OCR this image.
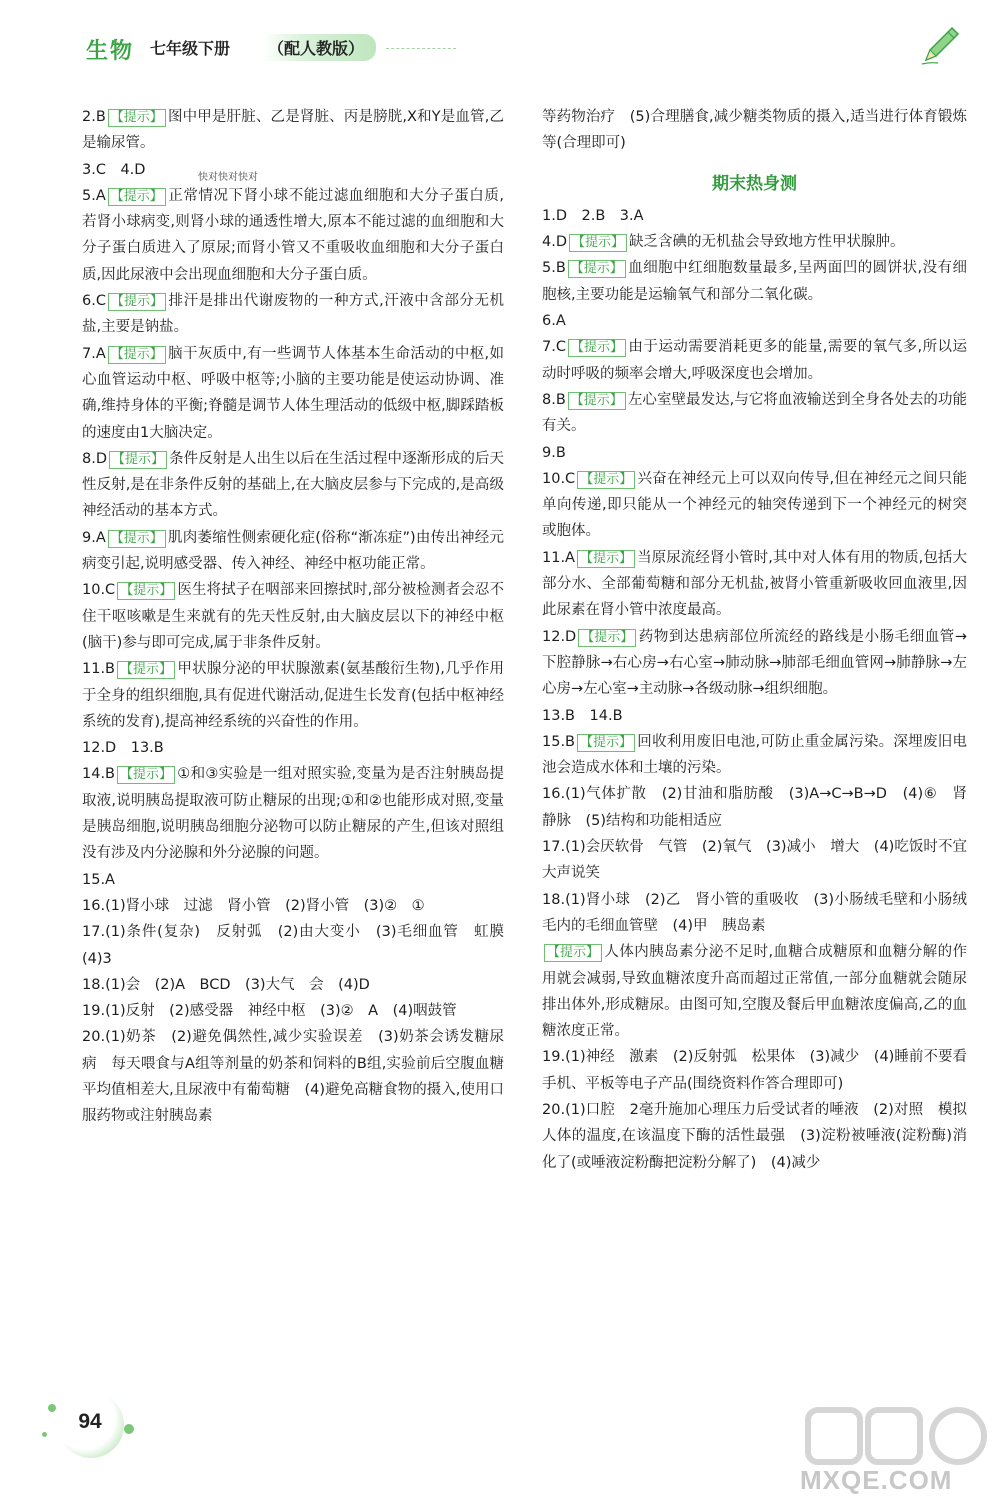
生物 七年级下册	（配人教版）
快对快对快对

2.B 【提示】 图中甲是肝脏、乙是肾脏、丙是膀胱,X和Y是血管,乙是输尿管。

3.C　4.D

5.A 【提示】 正常情况下肾小球不能过滤血细胞和大分子蛋白质,若肾小球病变,则肾小球的通透性增大,原本不能过滤的血细胞和大分子蛋白质进入了原尿;而肾小管又不重吸收血细胞和大分子蛋白质,因此尿液中会出现血细胞和大分子蛋白质。

6.C 【提示】 排汗是排出代谢废物的一种方式,汗液中含部分无机盐,主要是钠盐。

7.A 【提示】 脑干灰质中,有一些调节人体基本生命活动的中枢,如心血管运动中枢、呼吸中枢等;小脑的主要功能是使运动协调、准确,维持身体的平衡;脊髓是调节人体生理活动的低级中枢,脚踩踏板的速度由1大脑决定。

8.D 【提示】 条件反射是人出生以后在生活过程中逐渐形成的后天性反射,是在非条件反射的基础上,在大脑皮层参与下完成的,是高级神经活动的基本方式。

9.A 【提示】 肌肉萎缩性侧索硬化症(俗称“渐冻症”)由传出神经元病变引起,说明感受器、传入神经、神经中枢功能正常。

10.C 【提示】 医生将拭子在咽部来回擦拭时,部分被检测者会忍不住干呕咳嗽是生来就有的先天性反射,由大脑皮层以下的神经中枢(脑干)参与即可完成,属于非条件反射。

11.B 【提示】 甲状腺分泌的甲状腺激素(氨基酸衍生物),几乎作用于全身的组织细胞,具有促进代谢活动,促进生长发育(包括中枢神经系统的发育),提高神经系统的兴奋性的作用。

12.D　13.B

14.B 【提示】 ①和③实验是一组对照实验,变量为是否注射胰岛提取液,说明胰岛提取液可防止糖尿的出现;①和②也能形成对照,变量是胰岛细胞,说明胰岛细胞分泌物可以防止糖尿的产生,但该对照组没有涉及内分泌腺和外分泌腺的问题。

15.A

16.(1)肾小球　过滤　肾小管　(2)肾小管　(3)②　①

17.(1)条件(复杂)　反射弧　(2)由大变小　(3)毛细血管　虹膜　(4)3

18.(1)会　(2)A　BCD　(3)大气　会　(4)D

19.(1)反射　(2)感受器　神经中枢　(3)②　A　(4)咽鼓管

20.(1)奶茶　(2)避免偶然性,减少实验误差　(3)奶茶会诱发糖尿病　每天喂食与A组等剂量的奶茶和饲料的B组,实验前后空腹血糖平均值相差大,且尿液中有葡萄糖　(4)避免高糖食物的摄入,使用口服药物或注射胰岛素

等药物治疗　(5)合理膳食,减少糖类物质的摄入,适当进行体育锻炼等(合理即可)

期末热身测

1.D　2.B　3.A

4.D 【提示】 缺乏含碘的无机盐会导致地方性甲状腺肿。

5.B 【提示】 血细胞中红细胞数量最多,呈两面凹的圆饼状,没有细胞核,主要功能是运输氧气和部分二氧化碳。

6.A

7.C 【提示】 由于运动需要消耗更多的能量,需要的氧气多,所以运动时呼吸的频率会增大,呼吸深度也会增加。

8.B 【提示】 左心室壁最发达,与它将血液输送到全身各处去的功能有关。

9.B

10.C 【提示】 兴奋在神经元上可以双向传导,但在神经元之间只能单向传递,即只能从一个神经元的轴突传递到下一个神经元的树突或胞体。

11.A 【提示】 当原尿流经肾小管时,其中对人体有用的物质,包括大部分水、全部葡萄糖和部分无机盐,被肾小管重新吸收回血液里,因此尿素在肾小管中浓度最高。

12.D 【提示】 药物到达患病部位所流经的路线是小肠毛细血管→下腔静脉→右心房→右心室→肺动脉→肺部毛细血管网→肺静脉→左心房→左心室→主动脉→各级动脉→组织细胞。

13.B　14.B

15.B 【提示】 回收利用废旧电池,可防止重金属污染。深埋废旧电池会造成水体和土壤的污染。

16.(1)气体扩散　(2)甘油和脂肪酸　(3)A→C→B→D　(4)⑥　肾静脉　(5)结构和功能相适应

17.(1)会厌软骨　气管　(2)氧气　(3)减小　增大　(4)吃饭时不宜大声说笑

18.(1)肾小球　(2)乙　肾小管的重吸收　(3)小肠绒毛壁和小肠绒毛内的毛细血管壁　(4)甲　胰岛素

【提示】 人体内胰岛素分泌不足时,血糖合成糖原和血糖分解的作用就会减弱,导致血糖浓度升高而超过正常值,一部分血糖就会随尿排出体外,形成糖尿。由图可知,空腹及餐后甲血糖浓度偏高,乙的血糖浓度正常。

19.(1)神经　激素　(2)反射弧　松果体　(3)减少　(4)睡前不要看手机、平板等电子产品(围绕资料作答合理即可)

20.(1)口腔　2毫升施加心理压力后受试者的唾液　(2)对照　模拟人体的温度,在该温度下酶的活性最强　(3)淀粉被唾液(淀粉酶)消化了(或唾液淀粉酶把淀粉分解了)　(4)减少

94
MXQE.COM
